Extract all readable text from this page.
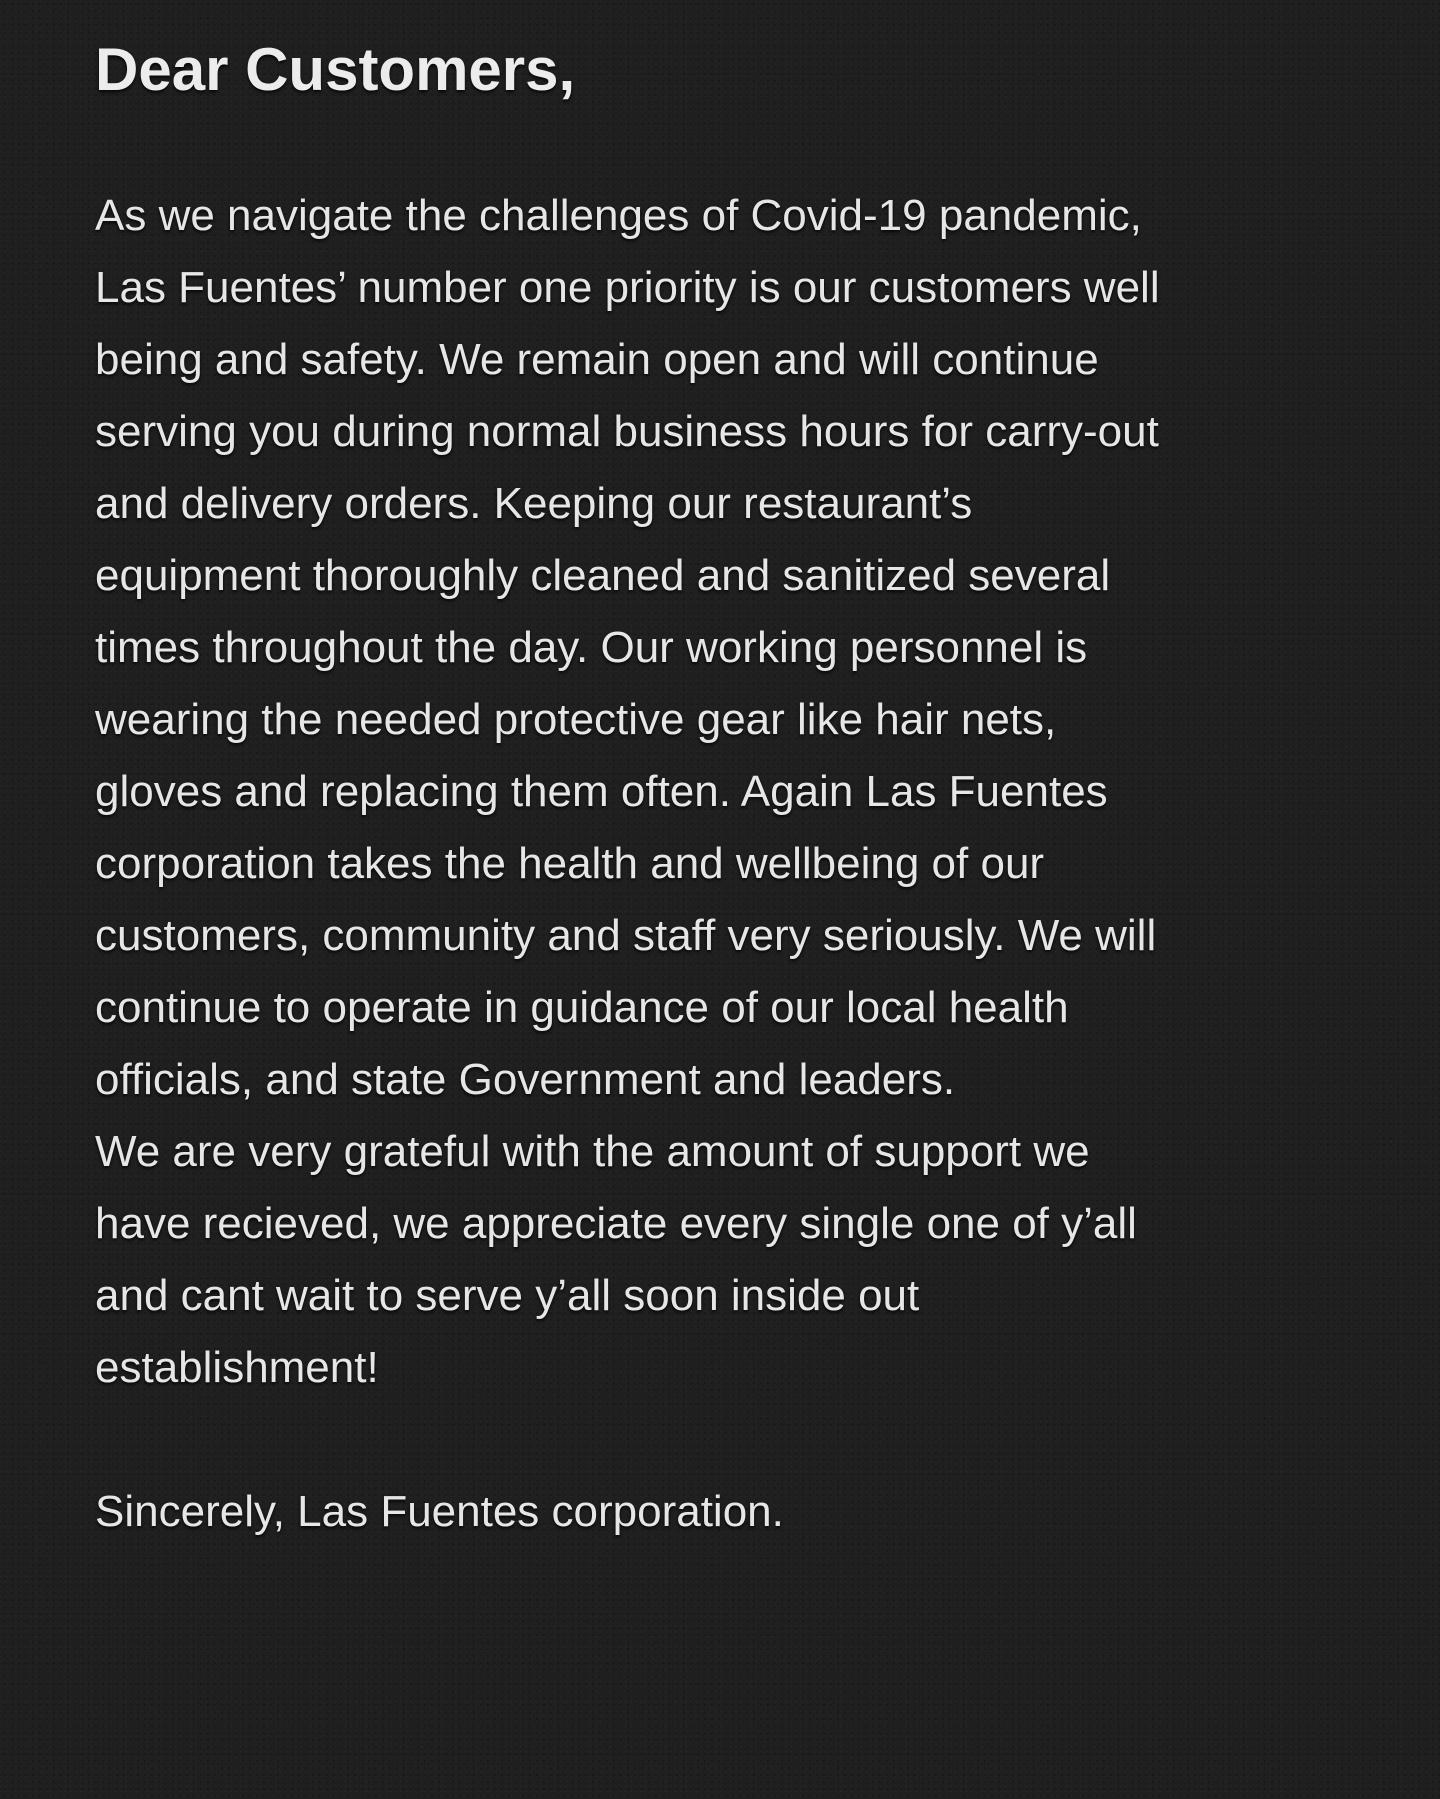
Dear Customers,
As we navigate the challenges of Covid-19 pandemic,
Las Fuentes’ number one priority is our customers well
being and safety. We remain open and will continue
serving you during normal business hours for carry-out
and delivery orders. Keeping our restaurant’s
equipment thoroughly cleaned and sanitized several
times throughout the day. Our working personnel is
wearing the needed protective gear like hair nets,
gloves and replacing them often. Again Las Fuentes
corporation takes the health and wellbeing of our
customers, community and staff very seriously. We will
continue to operate in guidance of our local health
officials, and state Government and leaders.
We are very grateful with the amount of support we
have recieved, we appreciate every single one of y’all
and cant wait to serve y’all soon inside out
establishment!
Sincerely, Las Fuentes corporation.
